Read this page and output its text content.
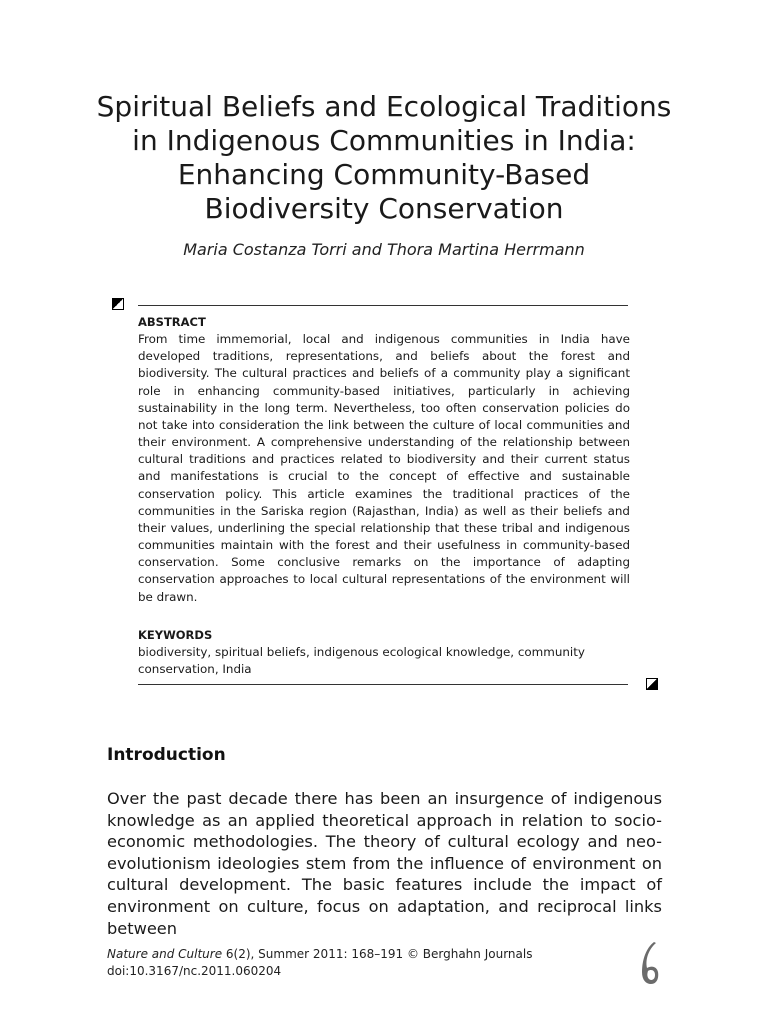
Spiritual Beliefs and Ecological Traditions
in Indigenous Communities in India:
Enhancing Community-Based
Biodiversity Conservation
Maria Costanza Torri and Thora Martina Herrmann
ABSTRACT
From time immemorial, local and indigenous communities in India have developed traditions, representations, and beliefs about the forest and biodiversity. The cultural practices and beliefs of a community play a significant role in enhancing community-based initiatives, particularly in achieving sustainability in the long term. Nevertheless, too often conservation policies do not take into consideration the link between the culture of local communities and their environment. A comprehensive understanding of the relationship between cultural traditions and practices related to biodiversity and their current status and manifestations is crucial to the concept of effective and sustainable conservation policy. This article examines the traditional practices of the communities in the Sariska region (Rajasthan, India) as well as their beliefs and their values, underlining the special relationship that these tribal and indigenous communities maintain with the forest and their usefulness in community-based conservation. Some conclusive remarks on the importance of adapting conservation approaches to local cultural representations of the environment will be drawn.
KEYWORDS
biodiversity, spiritual beliefs, indigenous ecological knowledge, community conservation, India
Introduction
Over the past decade there has been an insurgence of indigenous knowledge as an applied theoretical approach in relation to socio-economic methodologies. The theory of cultural ecology and neo-evolutionism ideologies stem from the influence of environment on cultural development. The basic features include the impact of environment on culture, focus on adaptation, and reciprocal links between
Nature and Culture 6(2), Summer 2011: 168–191 © Berghahn Journals
doi:10.3167/nc.2011.060204
